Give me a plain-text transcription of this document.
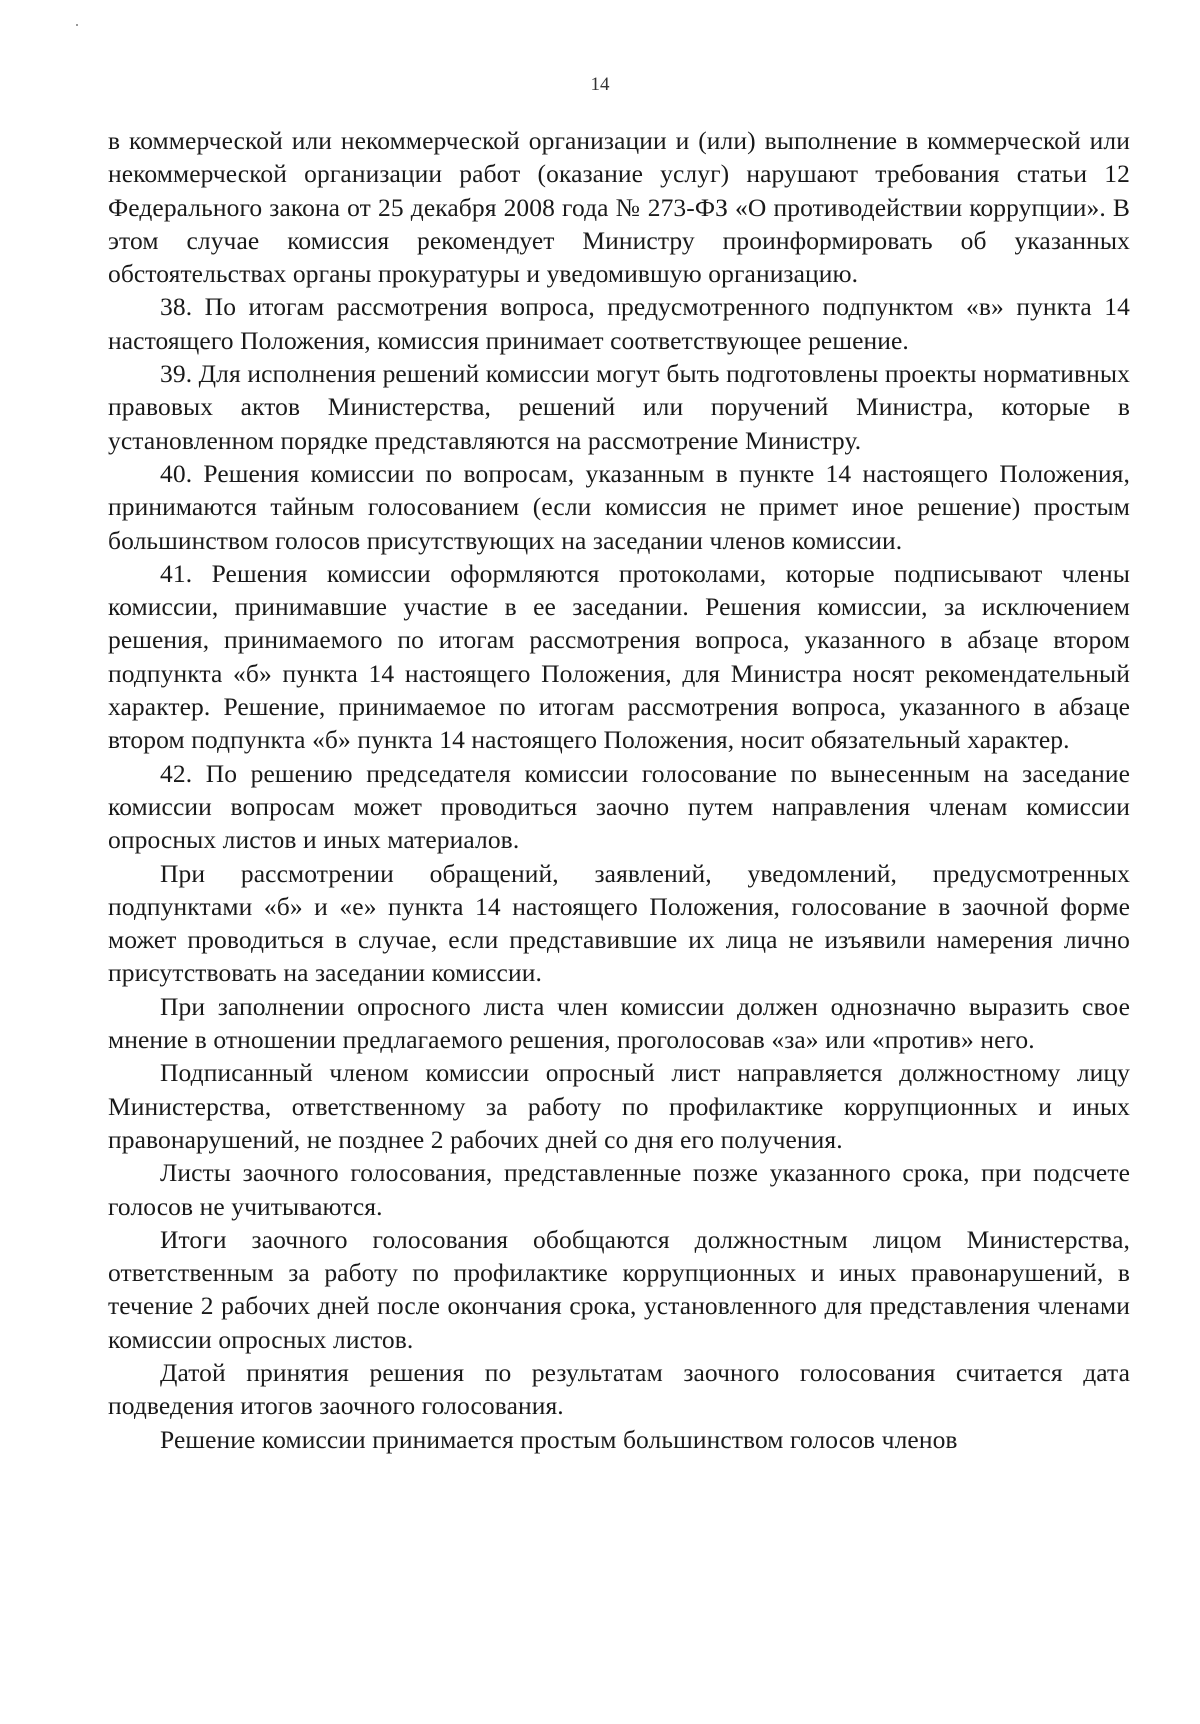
14

в коммерческой или некоммерческой организации и (или) выполнение в коммерческой или некоммерческой организации работ (оказание услуг) нарушают требования статьи 12 Федерального закона от 25 декабря 2008 года № 273-ФЗ «О противодействии коррупции». В этом случае комиссия рекомендует Министру проинформировать об указанных обстоятельствах органы прокуратуры и уведомившую организацию.

38. По итогам рассмотрения вопроса, предусмотренного подпунктом «в» пункта 14 настоящего Положения, комиссия принимает соответствующее решение.

39. Для исполнения решений комиссии могут быть подготовлены проекты нормативных правовых актов Министерства, решений или поручений Министра, которые в установленном порядке представляются на рассмотрение Министру.

40. Решения комиссии по вопросам, указанным в пункте 14 настоящего Положения, принимаются тайным голосованием (если комиссия не примет иное решение) простым большинством голосов присутствующих на заседании членов комиссии.

41. Решения комиссии оформляются протоколами, которые подписывают члены комиссии, принимавшие участие в ее заседании. Решения комиссии, за исключением решения, принимаемого по итогам рассмотрения вопроса, указанного в абзаце втором подпункта «б» пункта 14 настоящего Положения, для Министра носят рекомендательный характер. Решение, принимаемое по итогам рассмотрения вопроса, указанного в абзаце втором подпункта «б» пункта 14 настоящего Положения, носит обязательный характер.

42. По решению председателя комиссии голосование по вынесенным на заседание комиссии вопросам может проводиться заочно путем направления членам комиссии опросных листов и иных материалов.

При рассмотрении обращений, заявлений, уведомлений, предусмотренных подпунктами «б» и «е» пункта 14 настоящего Положения, голосование в заочной форме может проводиться в случае, если представившие их лица не изъявили намерения лично присутствовать на заседании комиссии.

При заполнении опросного листа член комиссии должен однозначно выразить свое мнение в отношении предлагаемого решения, проголосовав «за» или «против» него.

Подписанный членом комиссии опросный лист направляется должностному лицу Министерства, ответственному за работу по профилактике коррупционных и иных правонарушений, не позднее 2 рабочих дней со дня его получения.

Листы заочного голосования, представленные позже указанного срока, при подсчете голосов не учитываются.

Итоги заочного голосования обобщаются должностным лицом Министерства, ответственным за работу по профилактике коррупционных и иных правонарушений, в течение 2 рабочих дней после окончания срока, установленного для представления членами комиссии опросных листов.

Датой принятия решения по результатам заочного голосования считается дата подведения итогов заочного голосования.

Решение комиссии принимается простым большинством голосов членов
